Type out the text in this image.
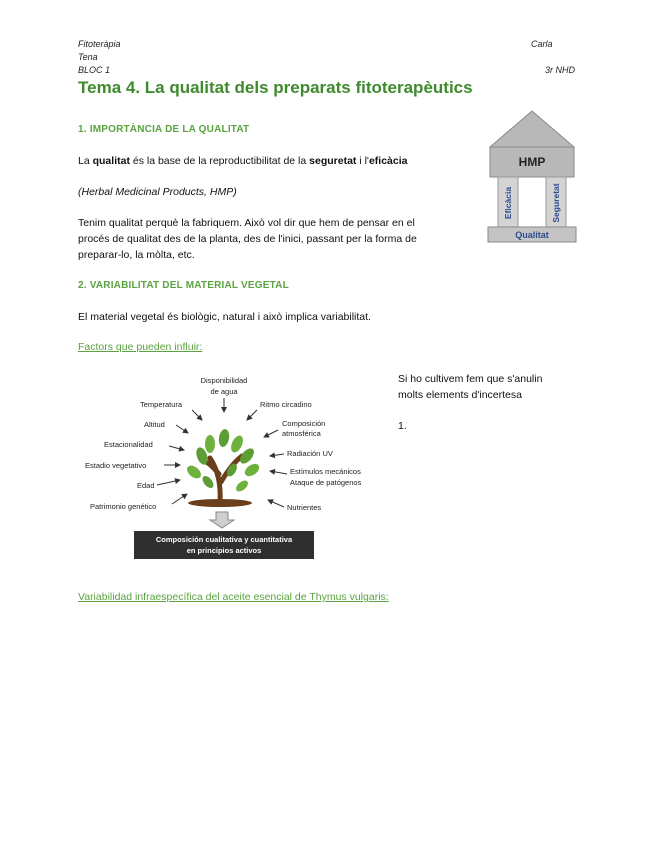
Fitoteràpia
Tena
BLOC 1
Carla
3r NHD
Tema 4. La qualitat dels preparats fitoterapèutics
1. IMPORTÀNCIA DE LA QUALITAT
La qualitat és la base de la reproductibilitat de la seguretat i l'eficàcia
(Herbal Medicinal Products, HMP)
Tenim qualitat perquè la fabriquem. Això vol dir que hem de pensar en el
procés de qualitat des de la planta, des de l'inici, passant per la forma de
preparar-lo, la mòlta, etc.
HMP
Eficàcia	Seguretat
Qualitat
2. VARIABILITAT DEL MATERIAL VEGETAL
El material vegetal és biològic, natural i això implica variabilitat.
Factors que pueden influir:
Disponibilidad
de agua
Temperatura	Ritmo circadino
Altitud	Composición
atmosférica
Estacionalidad
Radiación UV
Estadio vegetativo
Estímulos mecánicos
Ataque de patógenos
Edad
Patrimonio genético	Nutrientes
Composición cualitativa y cuantitativa
en principios activos
Si ho cultivem fem que s'anulin
molts elements d'incertesa
1.
Variabilidad infraespecífica del aceite esencial de Thymus vulgaris:
